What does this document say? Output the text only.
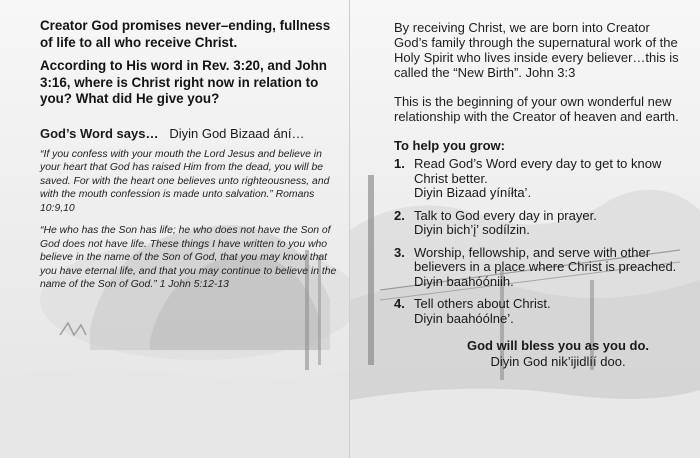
Creator God promises never–ending, fullness of life to all who receive Christ.

According to His word in Rev. 3:20, and John 3:16, where is Christ right now in relation to you? What did He give you?

God’s Word says… Diyin God Bizaad ání…

“If you confess with your mouth the Lord Jesus and believe in your heart that God has raised Him from the dead, you will be saved. For with the heart one believes unto righteousness, and with the mouth confession is made unto salvation.” Romans 10:9,10

“He who has the Son has life; he who does not have the Son of God does not have life. These things I have written to you who believe in the name of the Son of God, that you may know that you have eternal life, and that you may continue to believe in the name of the Son of God.” 1 John 5:12-13

By receiving Christ, we are born into Creator God’s family through the supernatural work of the Holy Spirit who lives inside every believer…this is called the “New Birth”. John 3:3

This is the beginning of your own wonderful new relationship with the Creator of heaven and earth.

To help you grow:

1. Read God’s Word every day to get to know Christ better.
Diyin Bizaad yíníłta’.
2. Talk to God every day in prayer.
Diyin bich’į’ sodílzin.
3. Worship, fellowship, and serve with other believers in a place where Christ is preached.
Diyin baahóóniih.
4. Tell others about Christ.
Diyin baahóólne’.
God will bless you as you do.
Diyin God nik’ijidlíí doo.
